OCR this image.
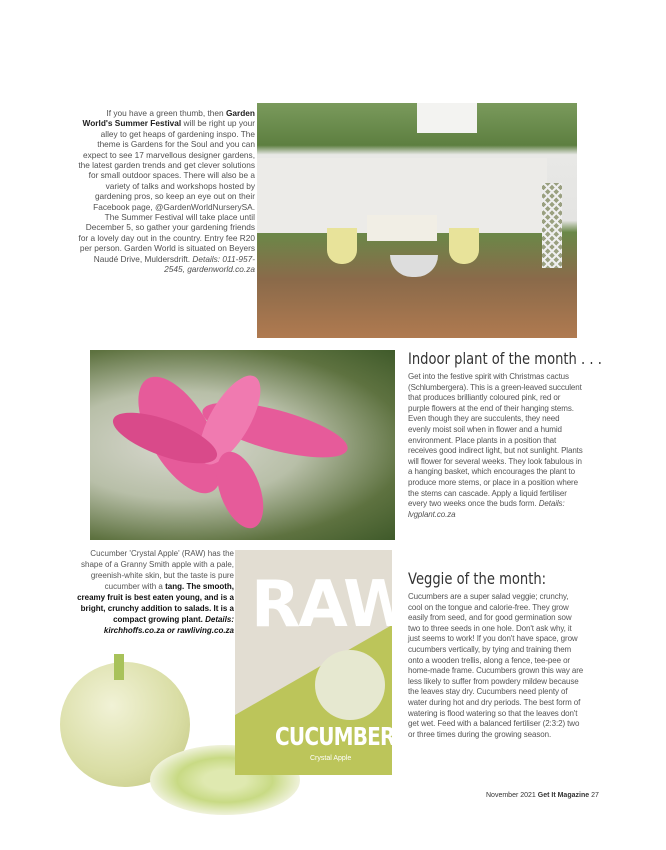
If you have a green thumb, then Garden World's Summer Festival will be right up your alley to get heaps of gardening inspo. The theme is Gardens for the Soul and you can expect to see 17 marvellous designer gardens, the latest garden trends and get clever solutions for small outdoor spaces. There will also be a variety of talks and workshops hosted by gardening pros, so keep an eye out on their Facebook page, @GardenWorldNurserySA. The Summer Festival will take place until December 5, so gather your gardening friends for a lovely day out in the country. Entry fee R20 per person. Garden World is situated on Beyers Naudé Drive, Muldersdrift. Details: 011-957-2545, gardenworld.co.za
Indoor plant of the month . . .
Get into the festive spirit with Christmas cactus (Schlumbergera). This is a green-leaved succulent that produces brilliantly coloured pink, red or purple flowers at the end of their hanging stems. Even though they are succulents, they need evenly moist soil when in flower and a humid environment. Place plants in a position that receives good indirect light, but not sunlight. Plants will flower for several weeks. They look fabulous in a hanging basket, which encourages the plant to produce more stems, or place in a position where the stems can cascade. Apply a liquid fertiliser every two weeks once the buds form. Details: lvgplant.co.za
Cucumber 'Crystal Apple' (RAW) has the shape of a Granny Smith apple with a pale, greenish-white skin, but the taste is pure cucumber with a tang. The smooth, creamy fruit is best eaten young, and is a bright, crunchy addition to salads. It is a compact growing plant. Details: kirchhoffs.co.za or rawliving.co.za RAW
CUCUMBER
Crystal Apple
Veggie of the month:
Cucumbers are a super salad veggie; crunchy, cool on the tongue and calorie-free. They grow easily from seed, and for good germination sow two to three seeds in one hole. Don't ask why, it just seems to work! If you don't have space, grow cucumbers vertically, by tying and training them onto a wooden trellis, along a fence, tee-pee or home-made frame. Cucumbers grown this way are less likely to suffer from powdery mildew because the leaves stay dry. Cucumbers need plenty of water during hot and dry periods. The best form of watering is flood watering so that the leaves don't get wet. Feed with a balanced fertiliser (2:3:2) two or three times during the growing season.
November 2021 Get It Magazine 27
